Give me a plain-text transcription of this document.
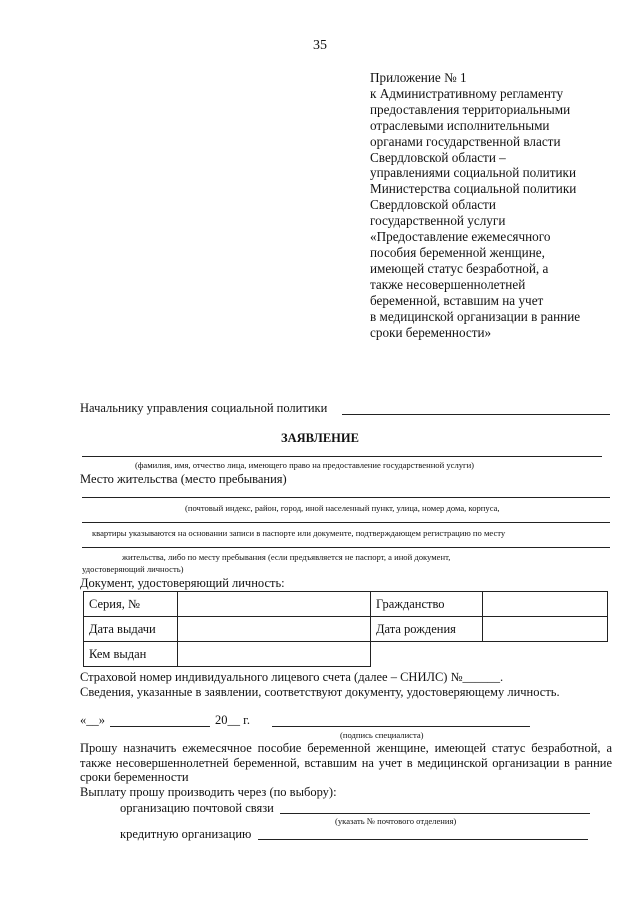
35
Приложение № 1
к Административному регламенту
предоставления территориальными
отраслевыми исполнительными
органами государственной власти
Свердловской области –
управлениями социальной политики
Министерства социальной политики
Свердловской области
государственной услуги
«Предоставление ежемесячного
пособия беременной женщине,
имеющей статус безработной, а
также несовершеннолетней
беременной, вставшим на учет
в медицинской организации в ранние
сроки беременности»
Начальнику управления социальной политики
ЗАЯВЛЕНИЕ
(фамилия, имя, отчество лица, имеющего право на предоставление государственной услуги)
Место жительства (место пребывания)
(почтовый индекс, район, город, иной населенный пункт, улица, номер дома, корпуса,
квартиры указываются на основании записи в паспорте или документе, подтверждающем регистрацию по месту
жительства, либо по месту пребывания (если предъявляется не паспорт, а иной документ,
удостоверяющий личность)
Документ, удостоверяющий личность:
Серия, №		Гражданство	
Дата выдачи		Дата рождения	
Кем выдан			
Страховой номер индивидуального лицевого счета (далее – СНИЛС) №______.
Сведения, указанные в заявлении, соответствуют документу, удостоверяющему личность.
«__»	20__ г.
(подпись специалиста)
Прошу назначить ежемесячное пособие беременной женщине, имеющей статус безработной, а также несовершеннолетней беременной, вставшим на учет в медицинской организации в ранние сроки беременности
Выплату прошу производить через (по выбору):
организацию почтовой связи
(указать № почтового отделения)
кредитную организацию
